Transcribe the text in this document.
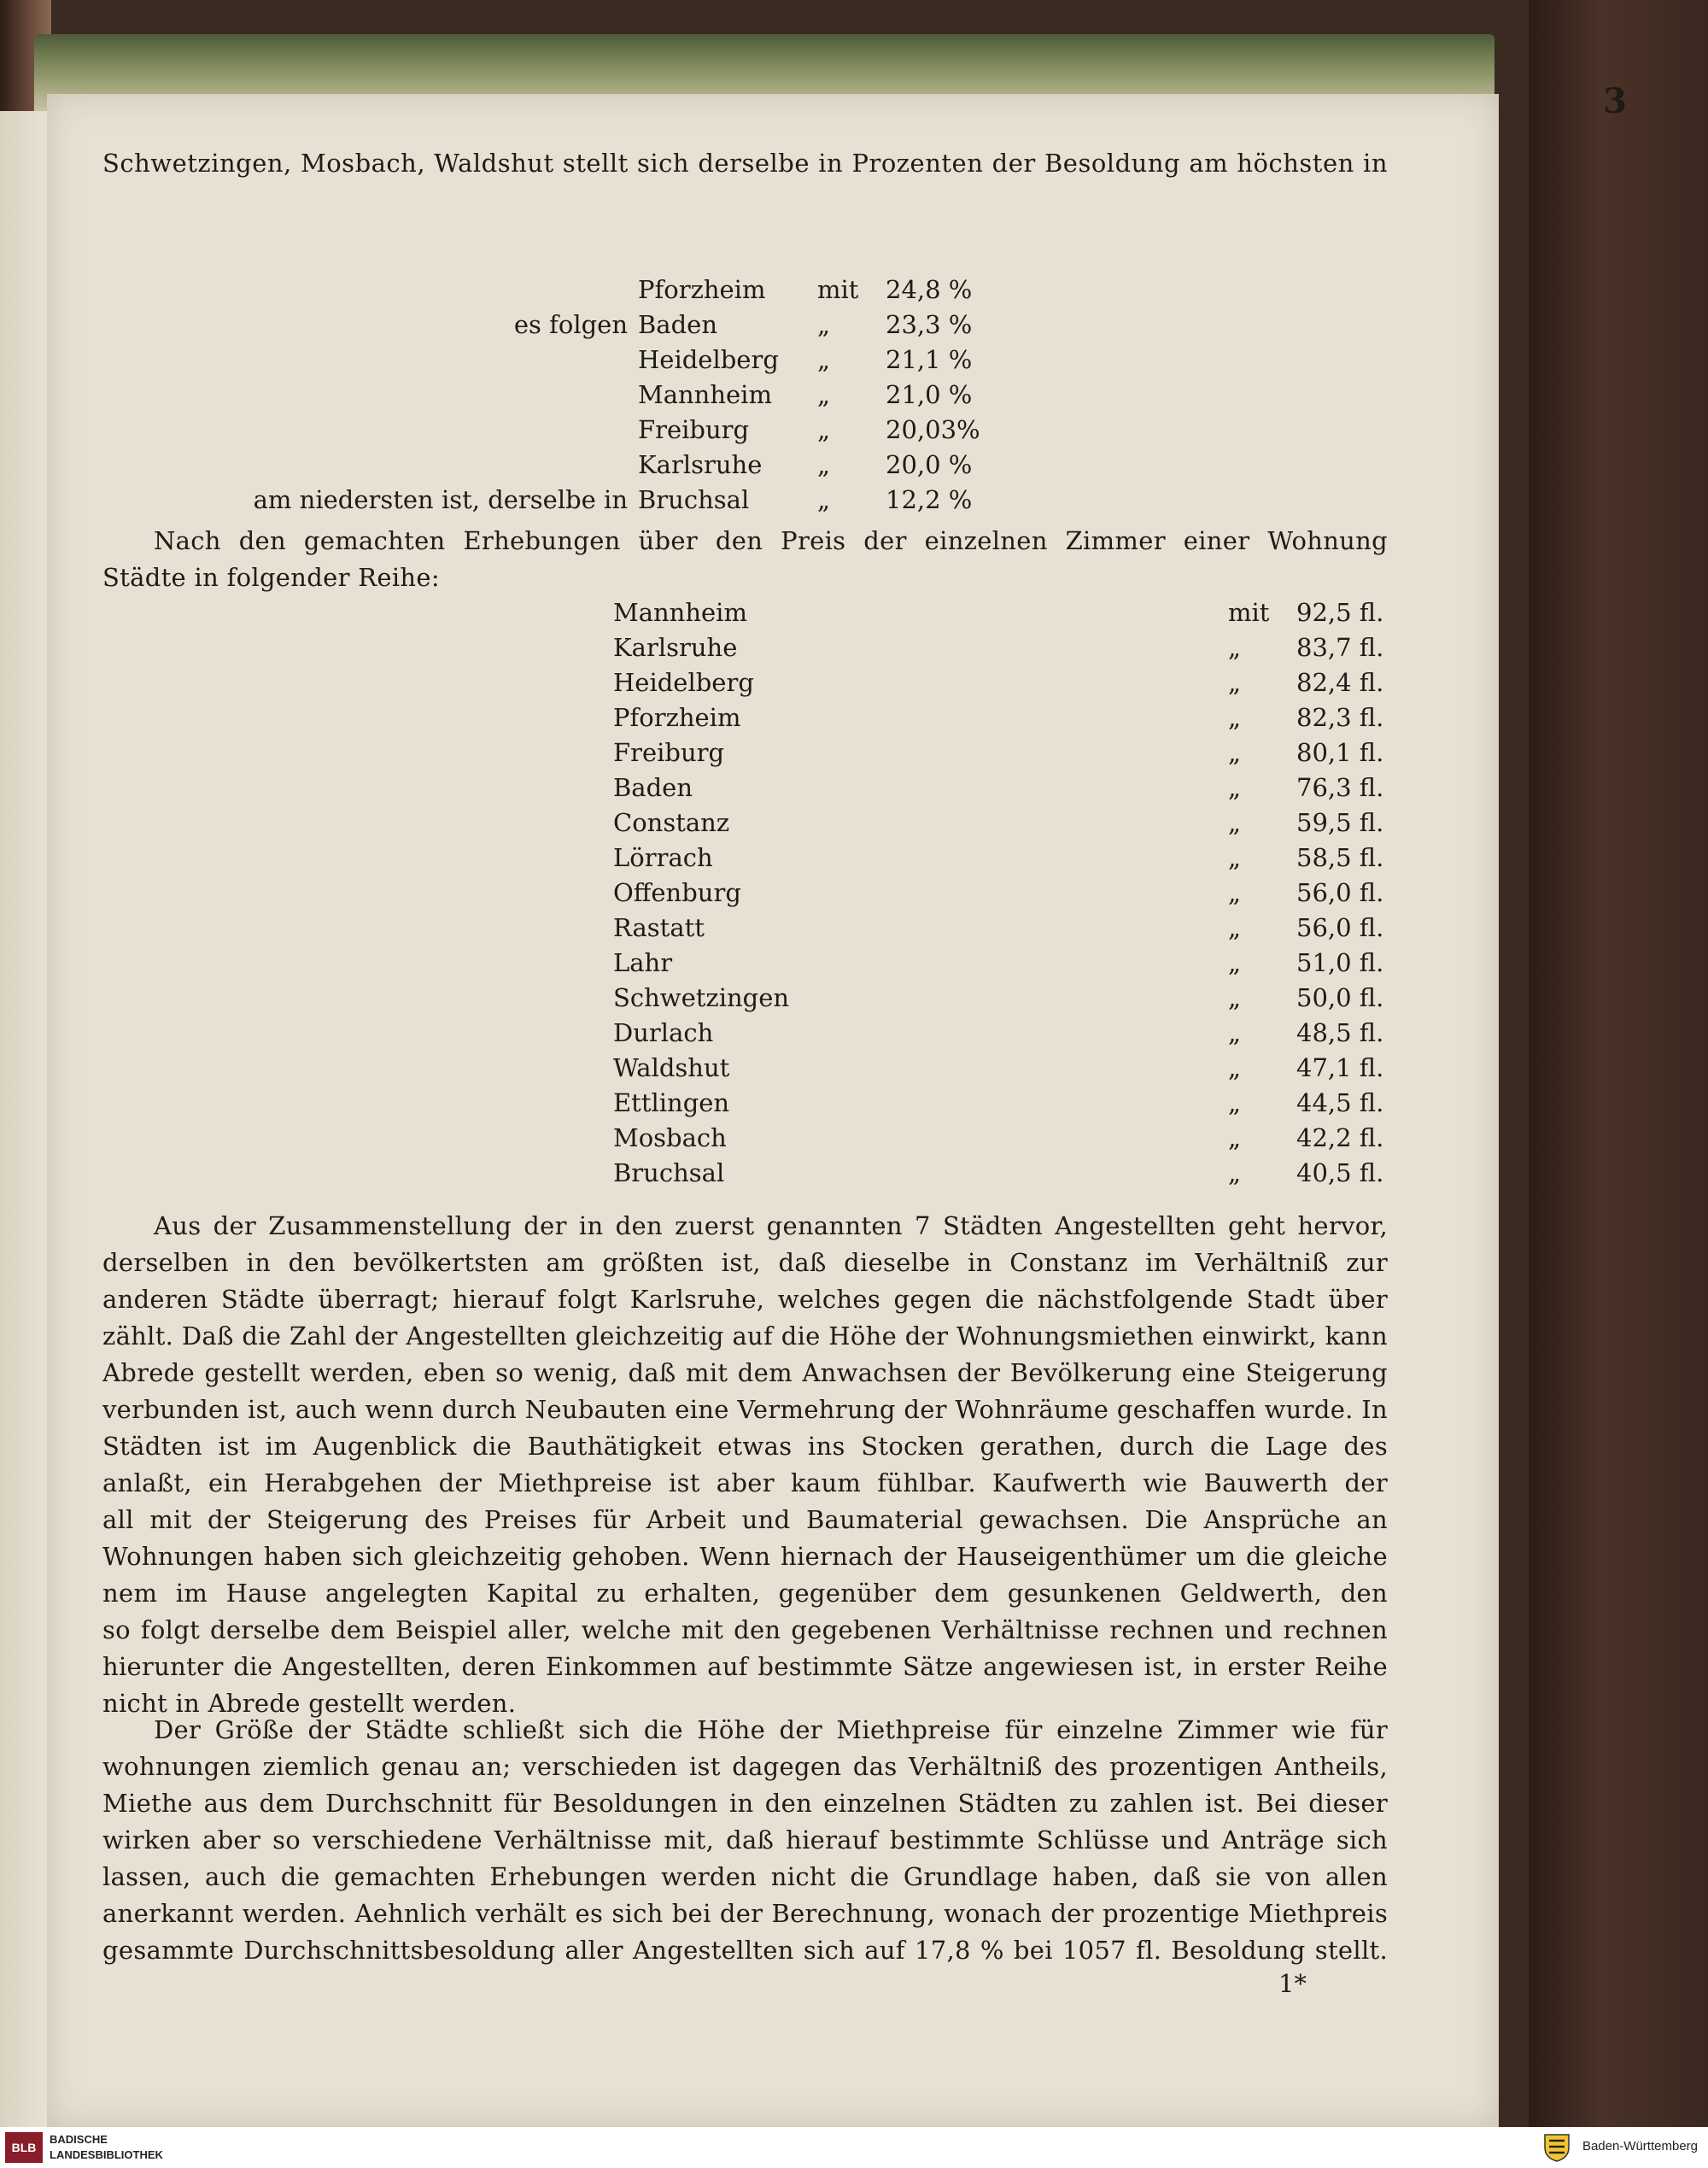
3
Schwetzingen, Mosbach, Waldshut stellt sich derselbe in Prozenten der Besoldung am höchsten in
	Pforzheim	mit	24,8 %
es folgen	Baden	„	23,3 %
	Heidelberg	„	21,1 %
	Mannheim	„	21,0 %
	Freiburg	„	20,03%
	Karlsruhe	„	20,0 %
am niedersten ist, derselbe in	Bruchsal	„	12,2 %
Nach den gemachten Erhebungen über den Preis der einzelnen Zimmer einer Wohnung
Städte in folgender Reihe:
Mannheim	mit	92,5 fl.
Karlsruhe	„	83,7 fl.
Heidelberg	„	82,4 fl.
Pforzheim	„	82,3 fl.
Freiburg	„	80,1 fl.
Baden	„	76,3 fl.
Constanz	„	59,5 fl.
Lörrach	„	58,5 fl.
Offenburg	„	56,0 fl.
Rastatt	„	56,0 fl.
Lahr	„	51,0 fl.
Schwetzingen	„	50,0 fl.
Durlach	„	48,5 fl.
Waldshut	„	47,1 fl.
Ettlingen	„	44,5 fl.
Mosbach	„	42,2 fl.
Bruchsal	„	40,5 fl.
Aus der Zusammenstellung der in den zuerst genannten 7 Städten Angestellten geht hervor,
derselben in den bevölkertsten am größten ist, daß dieselbe in Constanz im Verhältniß zur
anderen Städte überragt; hierauf folgt Karlsruhe, welches gegen die nächstfolgende Stadt über
zählt. Daß die Zahl der Angestellten gleichzeitig auf die Höhe der Wohnungsmiethen einwirkt, kann
Abrede gestellt werden, eben so wenig, daß mit dem Anwachsen der Bevölkerung eine Steigerung
verbunden ist, auch wenn durch Neubauten eine Vermehrung der Wohnräume geschaffen wurde. In
Städten ist im Augenblick die Bauthätigkeit etwas ins Stocken gerathen, durch die Lage des
anlaßt, ein Herabgehen der Miethpreise ist aber kaum fühlbar. Kaufwerth wie Bauwerth der
all mit der Steigerung des Preises für Arbeit und Baumaterial gewachsen. Die Ansprüche an
Wohnungen haben sich gleichzeitig gehoben. Wenn hiernach der Hauseigenthümer um die gleiche
nem im Hause angelegten Kapital zu erhalten, gegenüber dem gesunkenen Geldwerth, den
so folgt derselbe dem Beispiel aller, welche mit den gegebenen Verhältnisse rechnen und rechnen
hierunter die Angestellten, deren Einkommen auf bestimmte Sätze angewiesen ist, in erster Reihe
nicht in Abrede gestellt werden.
Der Größe der Städte schließt sich die Höhe der Miethpreise für einzelne Zimmer wie für
wohnungen ziemlich genau an; verschieden ist dagegen das Verhältniß des prozentigen Antheils,
Miethe aus dem Durchschnitt für Besoldungen in den einzelnen Städten zu zahlen ist. Bei dieser
wirken aber so verschiedene Verhältnisse mit, daß hierauf bestimmte Schlüsse und Anträge sich
lassen, auch die gemachten Erhebungen werden nicht die Grundlage haben, daß sie von allen
anerkannt werden. Aehnlich verhält es sich bei der Berechnung, wonach der prozentige Miethpreis
gesammte Durchschnittsbesoldung aller Angestellten sich auf 17,8 % bei 1057 fl. Besoldung stellt.
1*
BLB
BADISCHE
LANDESBIBLIOTHEK
Baden-Württemberg
